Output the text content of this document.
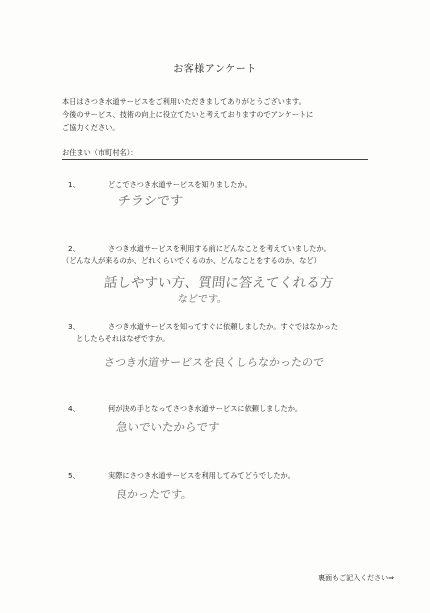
お客様アンケート
本日はさつき水道サービスをご利用いただきましてありがとうございます。
今後のサービス、技術の向上に役立てたいと考えておりますのでアンケートに
ご協力ください。
お住まい（市町村名）：
1、	どこでさつき水道サービスを知りましたか。
チラシです
2、	さつき水道サービスを利用する前にどんなことを考えていましたか。
（どんな人が来るのか、どれくらいでくるのか、どんなことをするのか、など）
話しやすい方、質問に答えてくれる方
などです。
3、	さつき水道サービスを知ってすぐに依頼しましたか。すぐではなかった
としたらそれはなぜですか。
さつき水道サービスを良くしらなかったので
4、	何が決め手となってさつき水道サービスに依頼しましたか。
急いでいたからです
5、	実際にさつき水道サービスを利用してみてどうでしたか。
良かったです。
裏面もご記入ください⇒
